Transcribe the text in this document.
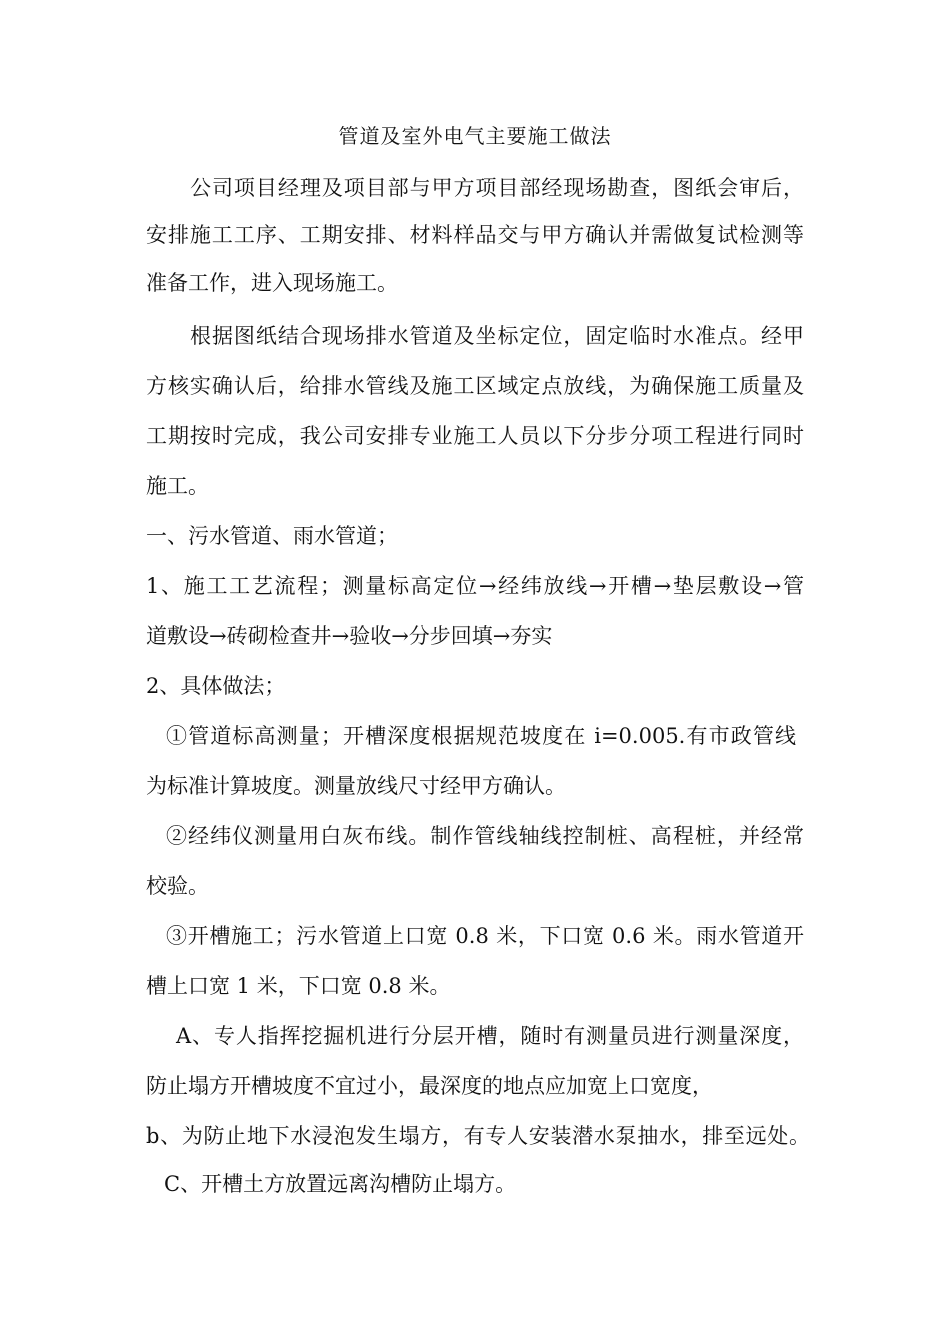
管道及室外电气主要施工做法
公司项目经理及项目部与甲方项目部经现场勘查，图纸会审后，
安排施工工序、工期安排、材料样品交与甲方确认并需做复试检测等
准备工作，进入现场施工。
根据图纸结合现场排水管道及坐标定位，固定临时水准点。经甲
方核实确认后，给排水管线及施工区域定点放线，为确保施工质量及
工期按时完成，我公司安排专业施工人员以下分步分项工程进行同时
施工。
一、污水管道、雨水管道；
1、施工工艺流程；测量标高定位→经纬放线→开槽→垫层敷设→管
道敷设→砖砌检查井→验收→分步回填→夯实
2、具体做法；
①管道标高测量；开槽深度根据规范坡度在 i=0.005.有市政管线
为标准计算坡度。测量放线尺寸经甲方确认。
②经纬仪测量用白灰布线。制作管线轴线控制桩、高程桩，并经常
校验。
③开槽施工；污水管道上口宽 0.8 米，下口宽 0.6 米。雨水管道开
槽上口宽 1 米，下口宽 0.8 米。
A、专人指挥挖掘机进行分层开槽，随时有测量员进行测量深度，
防止塌方开槽坡度不宜过小，最深度的地点应加宽上口宽度，
b、为防止地下水浸泡发生塌方，有专人安装潜水泵抽水，排至远处。
C、开槽土方放置远离沟槽防止塌方。
